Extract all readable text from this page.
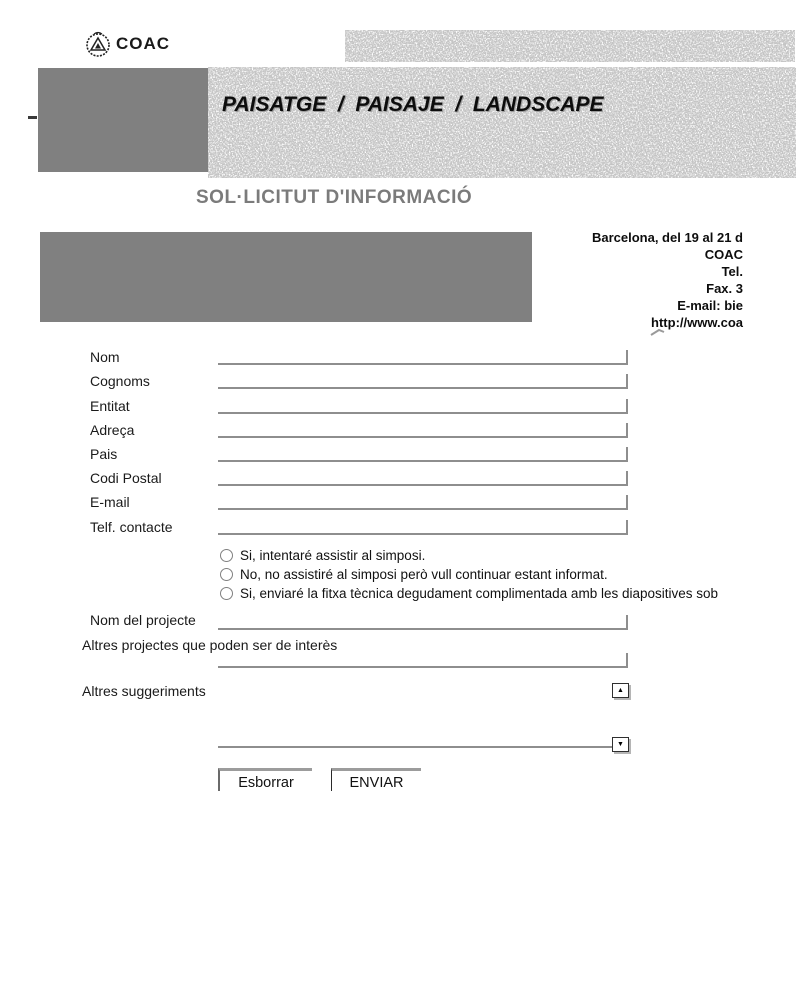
COAC
PAISATGE  /  PAISAJE  /  LANDSCAPE
SOL·LICITUT D'INFORMACIÓ
Barcelona, del 19 al 21 d
COAC
Tel.
Fax. 3
E-mail: bie
http://www.coa
Nom
Cognoms
Entitat
Adreça
Pais
Codi Postal
E-mail
Telf. contacte
Si, intentaré assistir al simposi.
No, no assistiré al simposi però vull continuar estant informat.
Si, enviaré la fitxa tècnica degudament complimentada amb les diapositives sob
Nom del projecte
Altres projectes que poden ser de interès
Altres suggeriments	▲
▼
Esborrar	ENVIAR
